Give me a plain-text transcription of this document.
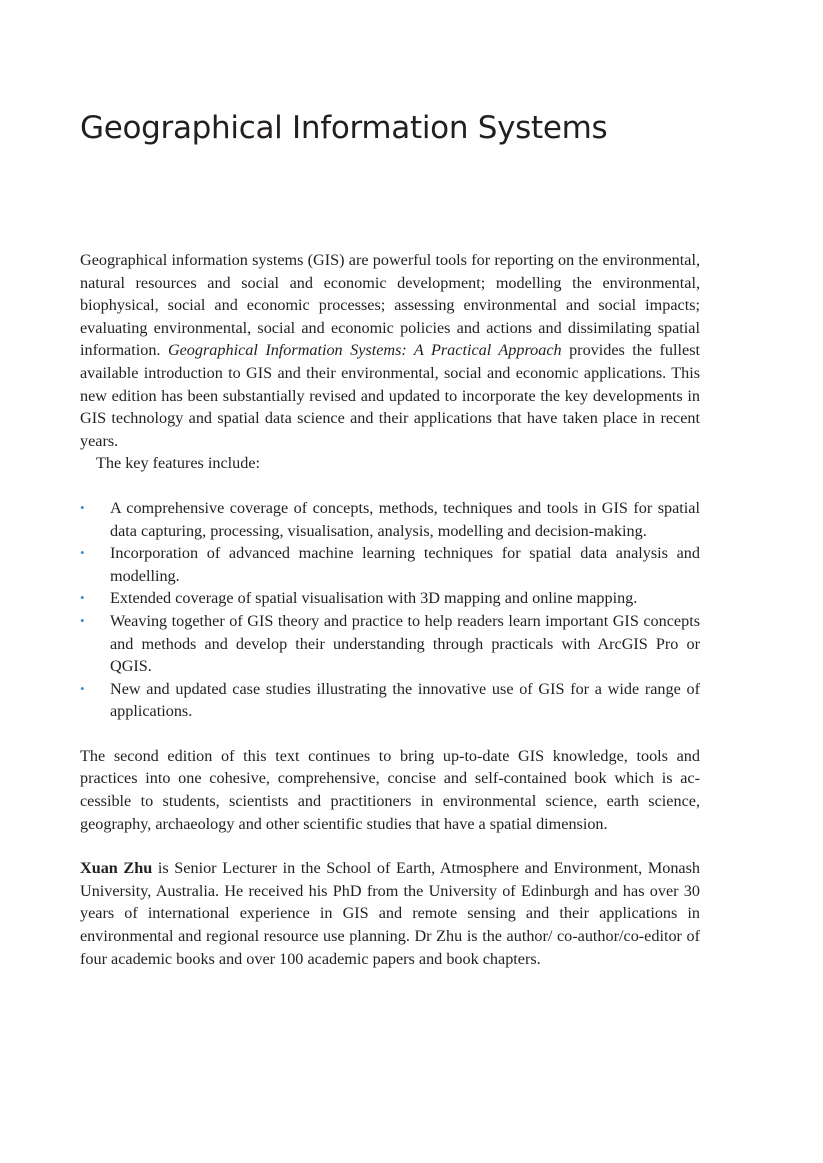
Geographical Information Systems

Geographical information systems (GIS) are powerful tools for reporting on the environmental, natural resources and social and economic development; modelling the environmental, biophysical, social and economic processes; assessing environmental and social impacts; evaluating environmental, social and economic policies and actions and dissimilating spatial information. Geographical Information Systems: A Practical Approach provides the fullest available introduction to GIS and their environmental, social and economic applications. This new edition has been substantially revised and updated to incorporate the key developments in GIS technology and spatial data science and their applications that have taken place in recent years.

The key features include:

• A comprehensive coverage of concepts, methods, techniques and tools in GIS for spatial data capturing, processing, visualisation, analysis, modelling and decision-making.
• Incorporation of advanced machine learning techniques for spatial data analysis and modelling.
• Extended coverage of spatial visualisation with 3D mapping and online mapping.
• Weaving together of GIS theory and practice to help readers learn important GIS concepts and methods and develop their understanding through practicals with ArcGIS Pro or QGIS.
• New and updated case studies illustrating the innovative use of GIS for a wide range of applications.

The second edition of this text continues to bring up-to-date GIS knowledge, tools and practices into one cohesive, comprehensive, concise and self-contained book which is accessible to students, scientists and practitioners in environmental science, earth science, geography, archaeology and other scientific studies that have a spatial dimension.

Xuan Zhu is Senior Lecturer in the School of Earth, Atmosphere and Environment, Monash University, Australia. He received his PhD from the University of Edinburgh and has over 30 years of international experience in GIS and remote sensing and their applications in environmental and regional resource use planning. Dr Zhu is the author/ co-author/co-editor of four academic books and over 100 academic papers and book chapters.
